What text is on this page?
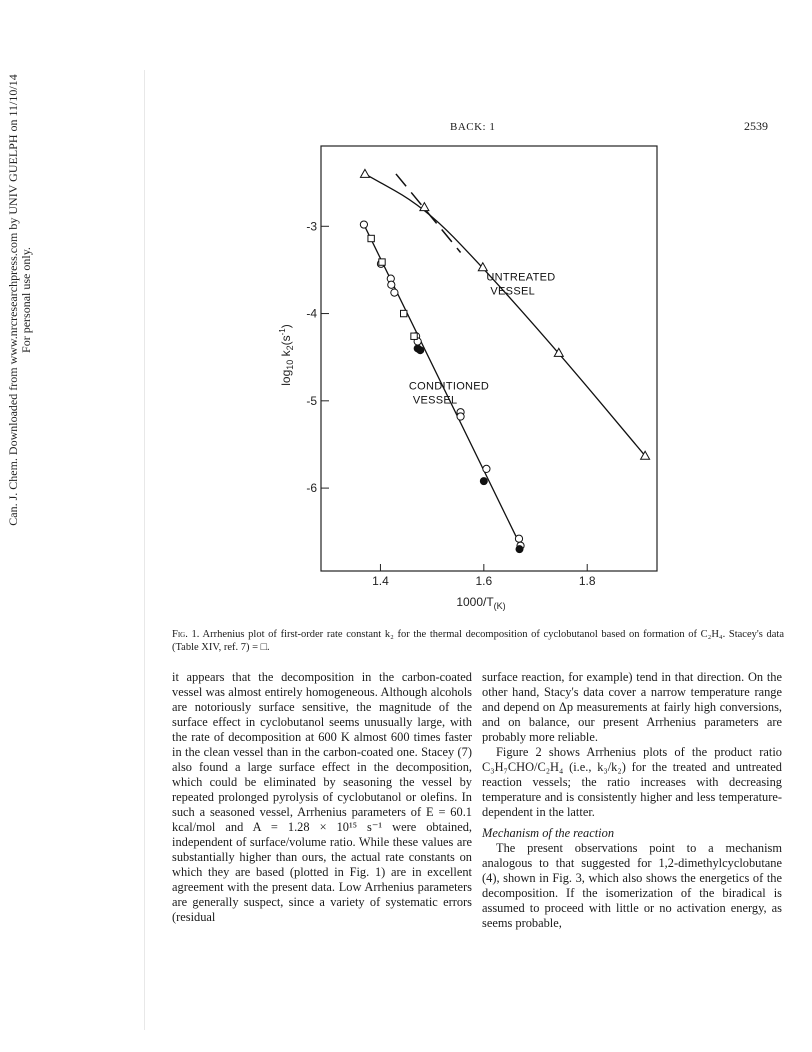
Can. J. Chem. Downloaded from www.nrcresearchpress.com by UNIV GUELPH on 11/10/14 For personal use only.
BACK: 1	2539
1.4	1.6	1.8
-3
-4
-5
-6
UNTREATED
VESSEL
CONDITIONED
VESSEL
$1000/T_{(K)}$
$\log_{10} k_2(s^{-1})$
Fig. 1. Arrhenius plot of first-order rate constant k₂ for the thermal decomposition of cyclobutanol based on formation of C₂H₄. Stacey's data (Table XIV, ref. 7) = □.

it appears that the decomposition in the carbon-coated vessel was almost entirely homogeneous. Although alcohols are notoriously surface sensitive, the magnitude of the surface effect in cyclobutanol seems unusually large, with the rate of decomposition at 600 K almost 600 times faster in the clean vessel than in the carbon-coated one. Stacey (7) also found a large surface effect in the decomposition, which could be eliminated by seasoning the vessel by repeated prolonged pyrolysis of cyclobutanol or olefins. In such a seasoned vessel, Arrhenius parameters of E = 60.1 kcal/mol and A = 1.28 × 10¹⁵ s⁻¹ were obtained, independent of surface/volume ratio. While these values are substantially higher than ours, the actual rate constants on which they are based (plotted in Fig. 1) are in excellent agreement with the present data. Low Arrhenius parameters are generally suspect, since a variety of systematic errors (residual

surface reaction, for example) tend in that direction. On the other hand, Stacy's data cover a narrow temperature range and depend on Δp measurements at fairly high conversions, and on balance, our present Arrhenius parameters are probably more reliable.

Figure 2 shows Arrhenius plots of the product ratio C₃H₇CHO/C₂H₄ (i.e., k₃/k₂) for the treated and untreated reaction vessels; the ratio increases with decreasing temperature and is consistently higher and less temperature-dependent in the latter.

Mechanism of the reaction

The present observations point to a mechanism analogous to that suggested for 1,2-dimethylcyclobutane (4), shown in Fig. 3, which also shows the energetics of the decomposition. If the isomerization of the biradical is assumed to proceed with little or no activation energy, as seems probable,
